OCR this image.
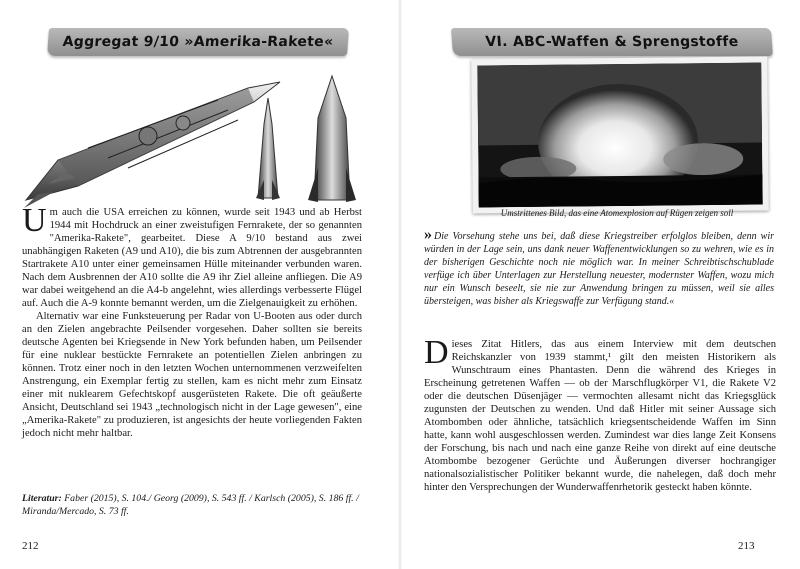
Aggregat 9/10 »Amerika-Rakete«

Um auch die USA erreichen zu können, wurde seit 1943 und ab Herbst 1944 mit Hochdruck an einer zweistufigen Fernrakete, der so genannten "Amerika-Rakete", gearbeitet. Diese A 9/10 bestand aus zwei unabhängigen Raketen (A9 und A10), die bis zum Abtrennen der ausgebrannten Startrakete A10 unter einer gemeinsamen Hülle miteinander verbunden waren. Nach dem Ausbrennen der A10 sollte die A9 ihr Ziel alleine anfliegen. Die A9 war dabei weitgehend an die A4-b angelehnt, wies allerdings verbesserte Flügel auf. Auch die A-9 konnte bemannt werden, um die Zielgenauigkeit zu erhöhen.

Alternativ war eine Funksteuerung per Radar von U-Booten aus oder durch an den Zielen angebrachte Peilsender vorgesehen. Daher sollten sie bereits deutsche Agenten bei Kriegsende in New York befunden haben, um Peilsender für eine nuklear bestückte Fernrakete an potentiellen Zielen anbringen zu können. Trotz einer noch in den letzten Wochen unternommenen verzweifelten Anstrengung, ein Exemplar fertig zu stellen, kam es nicht mehr zum Einsatz einer mit nuklearem Gefechtskopf ausgerüsteten Rakete. Die oft geäußerte Ansicht, Deutschland sei 1943 „technologisch nicht in der Lage gewesen", eine „Amerika-Rakete" zu produzieren, ist angesichts der heute vorliegenden Fakten jedoch nicht mehr haltbar.

Literatur: Faber (2015), S. 104./ Georg (2009), S. 543 ff. / Karlsch (2005), S. 186 ff. / Miranda/Mercado, S. 73 ff.
212
VI. ABC-Waffen & Sprengstoffe
Umstrittenes Bild, das eine Atomexplosion auf Rügen zeigen soll
» Die Vorsehung stehe uns bei, daß diese Kriegstreiber erfolglos bleiben, denn wir würden in der Lage sein, uns dank neuer Waffenentwicklungen so zu wehren, wie es in der bisherigen Geschichte noch nie möglich war. In meiner Schreibtischschublade verfüge ich über Unterlagen zur Herstellung neuester, modernster Waffen, wozu mich nur ein Wunsch beseelt, sie nie zur Anwendung bringen zu müssen, weil sie alles übersteigen, was bisher als Kriegswaffe zur Verfügung stand.«

Dieses Zitat Hitlers, das aus einem Interview mit dem deutschen Reichskanzler von 1939 stammt,¹ gilt den meisten Historikern als Wunschtraum eines Phantasten. Denn die während des Krieges in Erscheinung getretenen Waffen — ob der Marschflugkörper V1, die Rakete V2 oder die deutschen Düsenjäger — vermochten allesamt nicht das Kriegsglück zugunsten der Deutschen zu wenden. Und daß Hitler mit seiner Aussage sich Atombomben oder ähnliche, tatsächlich kriegsentscheidende Waffen im Sinn hatte, kann wohl ausgeschlossen werden. Zumindest war dies lange Zeit Konsens der Forschung, bis nach und nach eine ganze Reihe von direkt auf eine deutsche Atombombe bezogener Gerüchte und Äußerungen diverser hochrangiger nationalsozialistischer Politiker bekannt wurde, die nahelegen, daß doch mehr hinter den Versprechungen der Wunderwaffenrhetorik gesteckt haben könnte.

213
